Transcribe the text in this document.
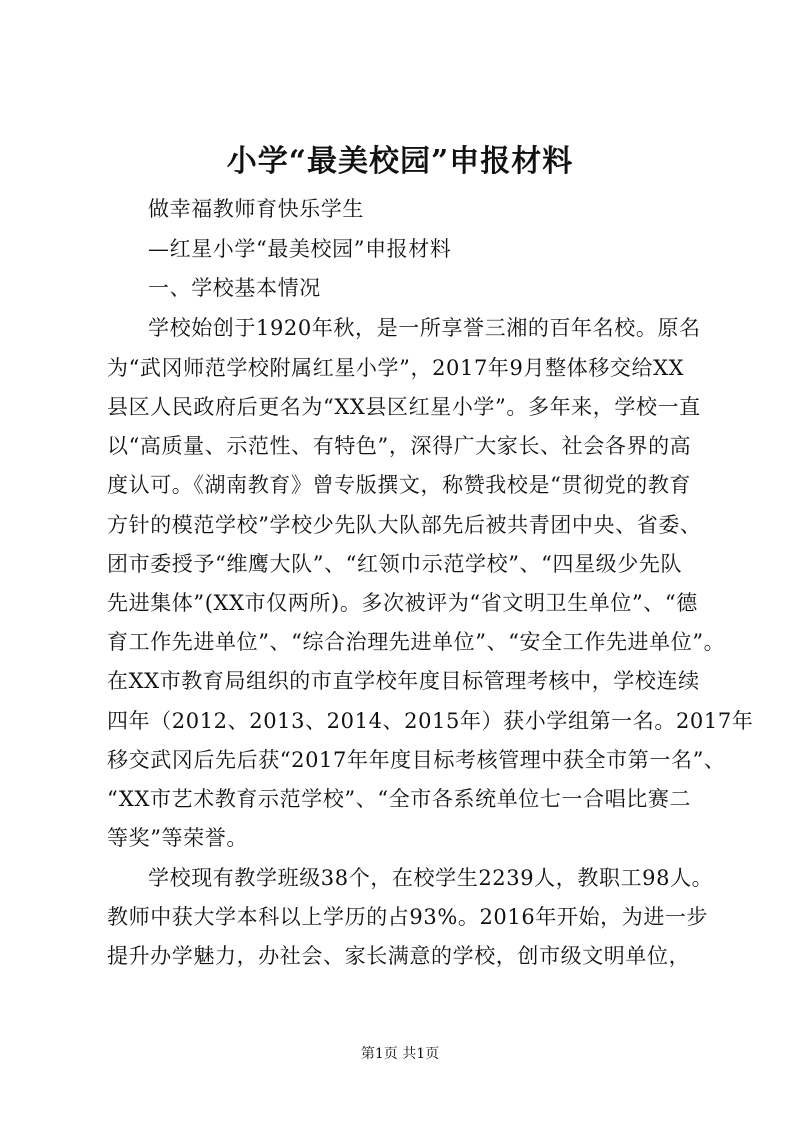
小学“最美校园”申报材料
做幸福教师育快乐学生
—红星小学“最美校园”申报材料
一、学校基本情况
学校始创于1920年秋，是一所享誉三湘的百年名校。原名
为“武冈师范学校附属红星小学”，2017年9月整体移交给XX
县区人民政府后更名为“XX县区红星小学”。多年来，学校一直
以“高质量、示范性、有特色”，深得广大家长、社会各界的高
度认可。《湖南教育》曾专版撰文，称赞我校是“贯彻党的教育
方针的模范学校”学校少先队大队部先后被共青团中央、省委、
团市委授予“维鹰大队”、“红领巾示范学校”、“四星级少先队
先进集体”(XX市仅两所)。多次被评为“省文明卫生单位”、“德
育工作先进单位”、“综合治理先进单位”、“安全工作先进单位”。
在XX市教育局组织的市直学校年度目标管理考核中，学校连续
四年（2012、2013、2014、2015年）获小学组第一名。2017年
移交武冈后先后获“2017年年度目标考核管理中获全市第一名”、
“XX市艺术教育示范学校”、“全市各系统单位七一合唱比赛二
等奖”等荣誉。
学校现有教学班级38个，在校学生2239人，教职工98人。
教师中获大学本科以上学历的占93%。2016年开始，为进一步
提升办学魅力，办社会、家长满意的学校，创市级文明单位，
第1页 共1页
